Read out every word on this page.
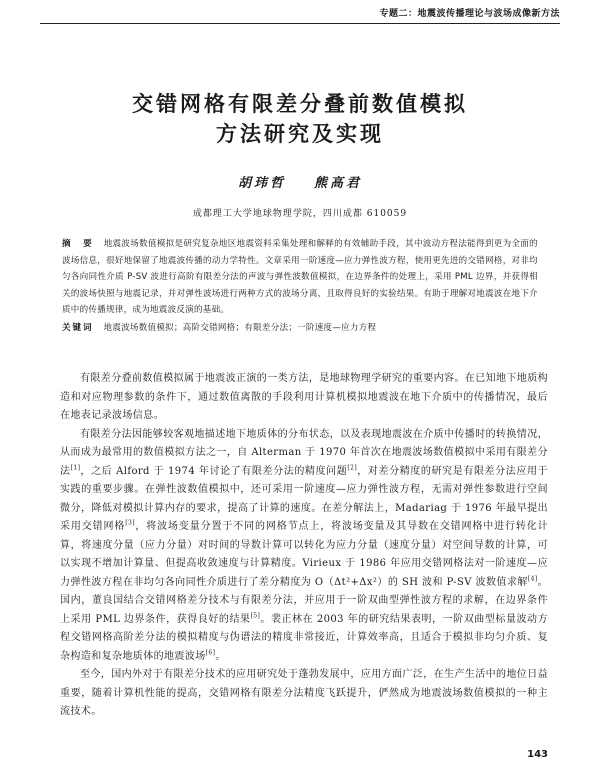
专题二：地震波传播理论与波场成像新方法
交错网格有限差分叠前数值模拟
方法研究及实现
胡玮哲 熊高君
成都理工大学地球物理学院，四川成都 610059
摘　要 地震波场数值模拟是研究复杂地区地震资料采集处理和解释的有效辅助手段，其中波动方程法能得到更为全面的波场信息，很好地保留了地震波传播的动力学特性。文章采用一阶速度—应力弹性波方程，使用更先进的交错网格，对非均匀各向同性介质 P-SV 波进行高阶有限差分法的声波与弹性波数值模拟，在边界条件的处理上，采用 PML 边界，并获得相关的波场快照与地震记录，并对弹性波场进行两种方式的波场分离，且取得良好的实验结果。有助于理解对地震波在地下介质中的传播规律，成为地震波反演的基础。
关键词 地震波场数值模拟；高阶交错网格；有限差分法；一阶速度—应力方程

有限差分叠前数值模拟属于地震波正演的一类方法，是地球物理学研究的重要内容。在已知地下地质构造和对应物理参数的条件下，通过数值离散的手段利用计算机模拟地震波在地下介质中的传播情况，最后在地表记录波场信息。

有限差分法因能够较客观地描述地下地质体的分布状态，以及表现地震波在介质中传播时的转换情况，从而成为最常用的数值模拟方法之一，自 Alterman 于 1970 年首次在地震波场数值模拟中采用有限差分法[1]，之后 Alford 于 1974 年讨论了有限差分法的精度问题[2]，对差分精度的研究是有限差分法应用于实践的重要步骤。在弹性波数值模拟中，还可采用一阶速度—应力弹性波方程，无需对弹性参数进行空间微分，降低对模拟计算内存的要求，提高了计算的速度。在差分解法上，Madariag 于 1976 年最早提出采用交错网格[3]，将波场变量分置于不同的网格节点上，将波场变量及其导数在交错网格中进行转化计算，将速度分量（应力分量）对时间的导数计算可以转化为应力分量（速度分量）对空间导数的计算，可以实现不增加计算量、但提高收敛速度与计算精度。Virieux 于 1986 年应用交错网格法对一阶速度—应力弹性波方程在非均匀各向同性介质进行了差分精度为 O（Δt²+Δx²）的 SH 波和 P-SV 波数值求解[4]。国内，董良国结合交错网格差分技术与有限差分法，并应用于一阶双曲型弹性波方程的求解，在边界条件上采用 PML 边界条件，获得良好的结果[5]。裴正林在 2003 年的研究结果表明，一阶双曲型标量波动方程交错网格高阶差分法的模拟精度与伪谱法的精度非常接近，计算效率高，且适合于模拟非均匀介质、复杂构造和复杂地质体的地震波场[6]。

至今，国内外对于有限差分技术的应用研究处于蓬勃发展中，应用方面广泛，在生产生活中的地位日益重要，随着计算机性能的提高，交错网格有限差分法精度飞跃提升，俨然成为地震波场数值模拟的一种主流技术。

143
